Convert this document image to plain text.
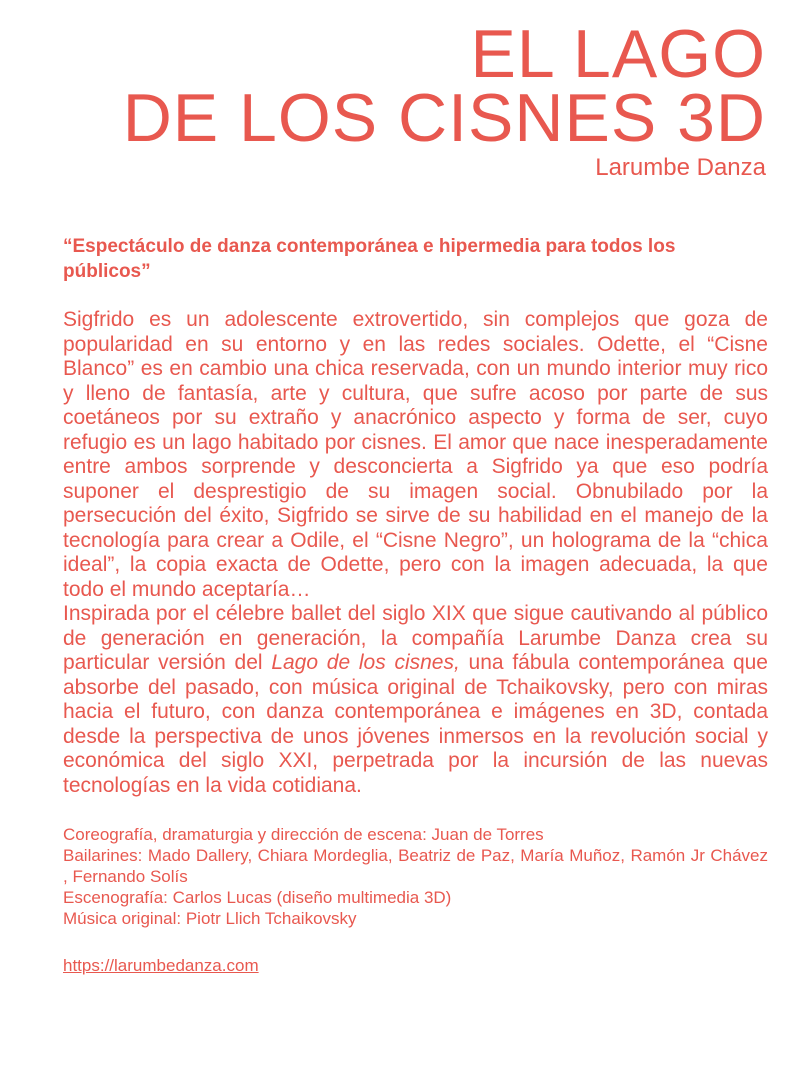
EL LAGO
DE LOS CISNES 3D
Larumbe Danza

“Espectáculo de danza contemporánea e hipermedia para todos los públicos”

Sigfrido es un adolescente extrovertido, sin complejos que goza de popularidad en su entorno y en las redes sociales. Odette, el “Cisne Blanco” es en cambio una chica reservada, con un mundo interior muy rico y lleno de fantasía, arte y cultura, que sufre acoso por parte de sus coetáneos por su extraño y anacrónico aspecto y forma de ser, cuyo refugio es un lago habitado por cisnes. El amor que nace inesperadamente entre ambos sorprende y desconcierta a Sigfrido ya que eso podría suponer el desprestigio de su imagen social. Obnubilado por la persecución del éxito, Sigfrido se sirve de su habilidad en el manejo de la tecnología para crear a Odile, el “Cisne Negro”, un holograma de la “chica ideal”, la copia exacta de Odette, pero con la imagen adecuada, la que todo el mundo aceptaría…

Inspirada por el célebre ballet del siglo XIX que sigue cautivando al público de generación en generación, la compañía Larumbe Danza crea su particular versión del Lago de los cisnes, una fábula contemporánea que absorbe del pasado, con música original de Tchaikovsky, pero con miras hacia el futuro, con danza contemporánea e imágenes en 3D, contada desde la perspectiva de unos jóvenes inmersos en la revolución social y económica del siglo XXI, perpetrada por la incursión de las nuevas tecnologías en la vida cotidiana.

Coreografía, dramaturgia y dirección de escena: Juan de Torres
Bailarines: Mado Dallery, Chiara Mordeglia, Beatriz de Paz, María Muñoz, Ramón Jr Chávez , Fernando Solís
Escenografía: Carlos Lucas (diseño multimedia 3D)
Música original: Piotr Llich Tchaikovsky
https://larumbedanza.com
